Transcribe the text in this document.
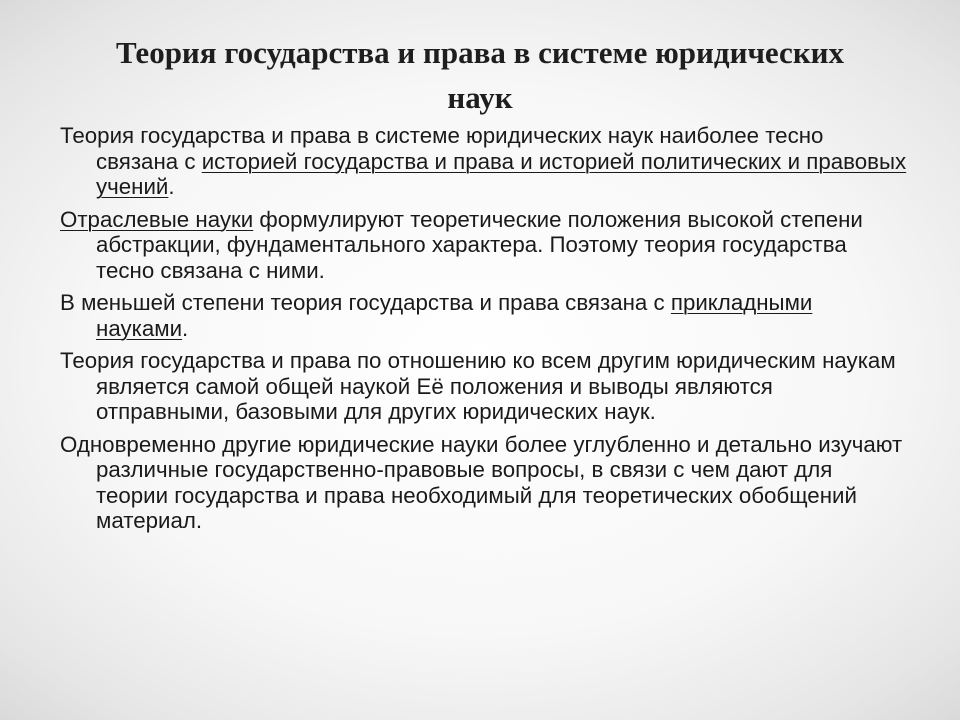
Теория государства и права в системе юридических наук
Теория государства и права в системе юридических наук наиболее тесно связана с историей государства и права и историей политических и правовых учений.
Отраслевые науки формулируют теоретические положения высокой степени абстракции, фундаментального характера. Поэтому теория государства тесно связана с ними.
В меньшей степени теория государства и права связана с прикладными науками.
Теория государства и права по отношению ко всем другим юридическим наукам является самой общей наукой Её положения и выводы являются отправными, базовыми для других юридических наук.
Одновременно другие юридические науки более углубленно и детально изучают различные государственно-правовые вопросы, в связи с чем дают для теории государства и права необходимый для теоретических обобщений материал.
